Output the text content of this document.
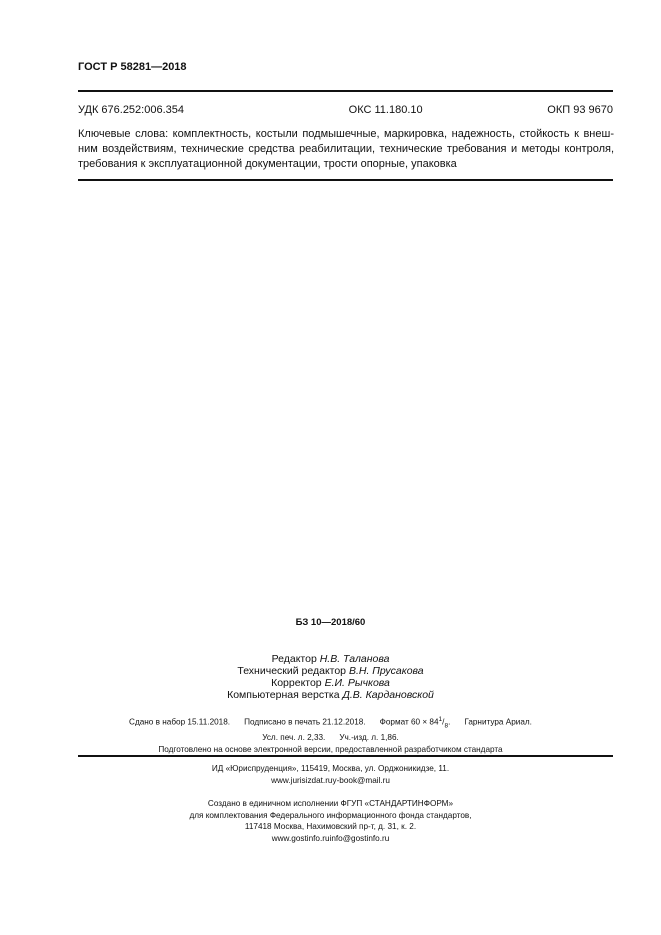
ГОСТ Р 58281—2018
УДК 676.252:006.354	ОКС 11.180.10	ОКП 93 9670
Ключевые слова: комплектность, костыли подмышечные, маркировка, надежность, стойкость к внешним воздействиям, технические средства реабилитации, технические требования и методы контроля, требования к эксплуатационной документации, трости опорные, упаковка
БЗ 10—2018/60
Редактор Н.В. Таланова
Технический редактор В.Н. Прусакова
Корректор Е.И. Рычкова
Компьютерная верстка Д.В. Кардановской
Сдано в набор 15.11.2018. Подписано в печать 21.12.2018. Формат $60 \times 84^1/_8$. Гарнитура Ариал.
Усл. печ. л. 2,33. Уч.-изд. л. 1,86.
Подготовлено на основе электронной версии, предоставленной разработчиком стандарта
ИД «Юриспруденция», 115419, Москва, ул. Орджоникидзе, 11.
www.jurisizdat.ruy-book@mail.ru
Создано в единичном исполнении ФГУП «СТАНДАРТИНФОРМ»
для комплектования Федерального информационного фонда стандартов,
117418 Москва, Нахимовский пр-т, д. 31, к. 2.
www.gostinfo.ruinfo@gostinfo.ru
